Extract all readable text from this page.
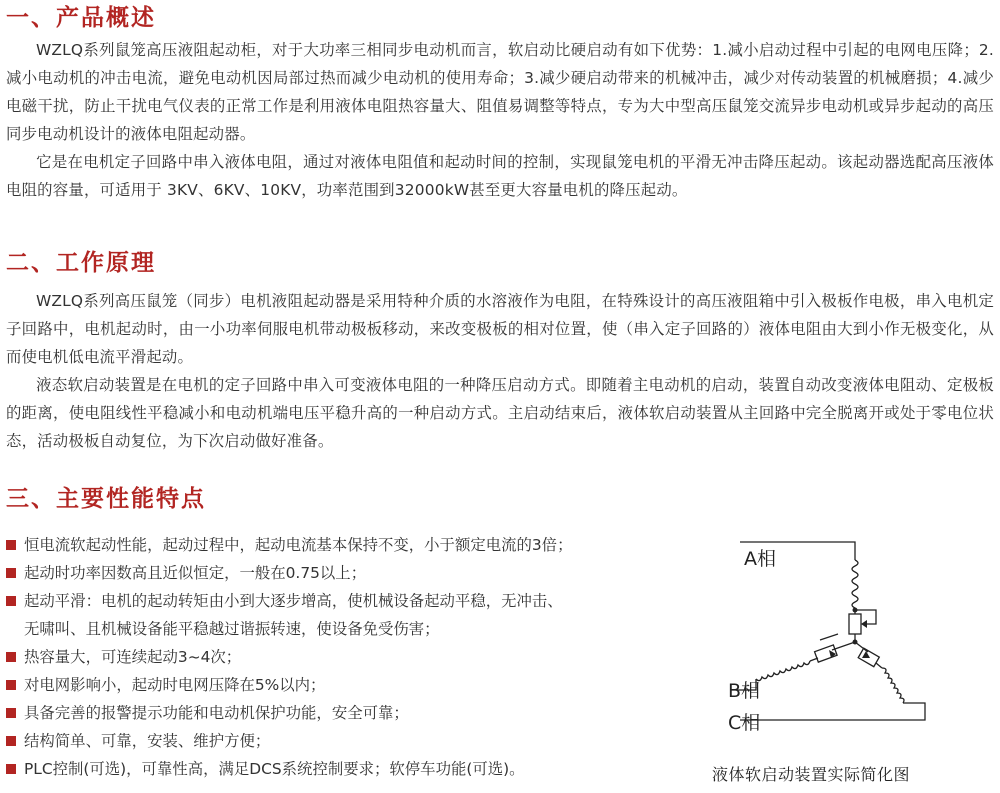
一、产品概述

WZLQ系列鼠笼高压液阻起动柜，对于大功率三相同步电动机而言，软启动比硬启动有如下优势：1.减小启动过程中引起的电网电压降；2.减小电动机的冲击电流，避免电动机因局部过热而减少电动机的使用寿命；3.减少硬启动带来的机械冲击，减少对传动装置的机械磨损；4.减少电磁干扰，防止干扰电气仪表的正常工作是利用液体电阻热容量大、阻值易调整等特点，专为大中型高压鼠笼交流异步电动机或异步起动的高压同步电动机设计的液体电阻起动器。

它是在电机定子回路中串入液体电阻，通过对液体电阻值和起动时间的控制，实现鼠笼电机的平滑无冲击降压起动。该起动器选配高压液体电阻的容量，可适用于 3KV、6KV、10KV，功率范围到32000kW甚至更大容量电机的降压起动。

二、工作原理

WZLQ系列高压鼠笼（同步）电机液阻起动器是采用特种介质的水溶液作为电阻，在特殊设计的高压液阻箱中引入极板作电极，串入电机定子回路中，电机起动时，由一小功率伺服电机带动极板移动，来改变极板的相对位置，使（串入定子回路的）液体电阻由大到小作无极变化，从而使电机低电流平滑起动。

液态软启动装置是在电机的定子回路中串入可变液体电阻的一种降压启动方式。即随着主电动机的启动，装置自动改变液体电阻动、定极板的距离，使电阻线性平稳减小和电动机端电压平稳升高的一种启动方式。主启动结束后，液体软启动装置从主回路中完全脱离开或处于零电位状态，活动极板自动复位，为下次启动做好准备。

三、主要性能特点
恒电流软起动性能，起动过程中，起动电流基本保持不变，小于额定电流的3倍；
起动时功率因数高且近似恒定，一般在0.75以上；
起动平滑：电机的起动转矩由小到大逐步增高，使机械设备起动平稳，无冲击、
无啸叫、且机械设备能平稳越过谐振转速，使设备免受伤害；
热容量大，可连续起动3~4次；
对电网影响小，起动时电网压降在5%以内；
具备完善的报警提示功能和电动机保护功能，安全可靠；
结构简单、可靠，安装、维护方便；
PLC控制(可选)，可靠性高，满足DCS系统控制要求；软停车功能(可选)。
A相
B相
C相
液体软启动装置实际简化图
